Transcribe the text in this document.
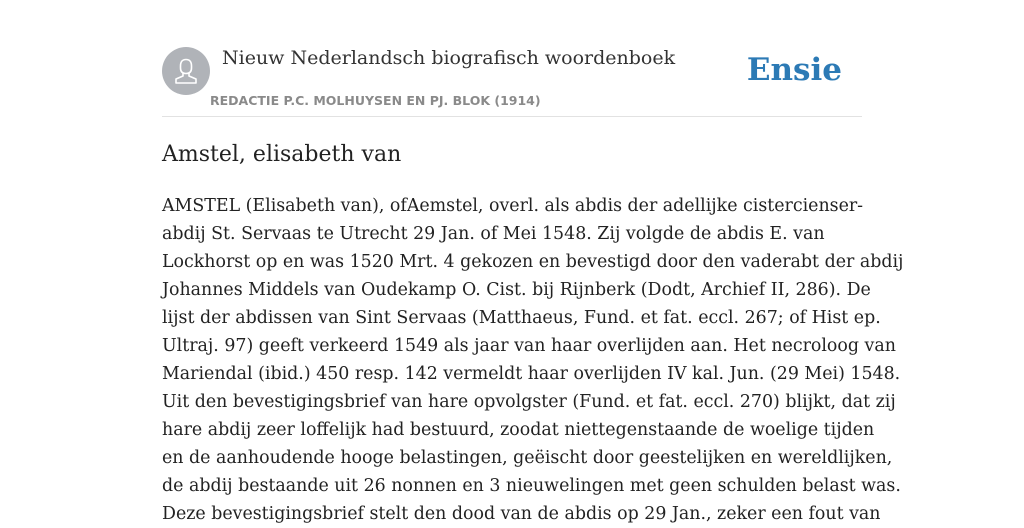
Nieuw Nederlandsch biografisch woordenboek
REDACTIE P.C. MOLHUYSEN EN PJ. BLOK (1914)
Ensie
Amstel, elisabeth van
AMSTEL (Elisabeth van), ofAemstel, overl. als abdis der adellijke cistercienser-
abdij St. Servaas te Utrecht 29 Jan. of Mei 1548. Zij volgde de abdis E. van
Lockhorst op en was 1520 Mrt. 4 gekozen en bevestigd door den vaderabt der abdij
Johannes Middels van Oudekamp O. Cist. bij Rijnberk (Dodt, Archief II, 286). De
lijst der abdissen van Sint Servaas (Matthaeus, Fund. et fat. eccl. 267; of Hist ep.
Ultraj. 97) geeft verkeerd 1549 als jaar van haar overlijden aan. Het necroloog van
Mariendal (ibid.) 450 resp. 142 vermeldt haar overlijden IV kal. Jun. (29 Mei) 1548.
Uit den bevestigingsbrief van hare opvolgster (Fund. et fat. eccl. 270) blijkt, dat zij
hare abdij zeer loffelijk had bestuurd, zoodat niettegenstaande de woelige tijden
en de aanhoudende hooge belastingen, geëischt door geestelijken en wereldlijken,
de abdij bestaande uit 26 nonnen en 3 nieuwelingen met geen schulden belast was.
Deze bevestigingsbrief stelt den dood van de abdis op 29 Jan., zeker een fout van
